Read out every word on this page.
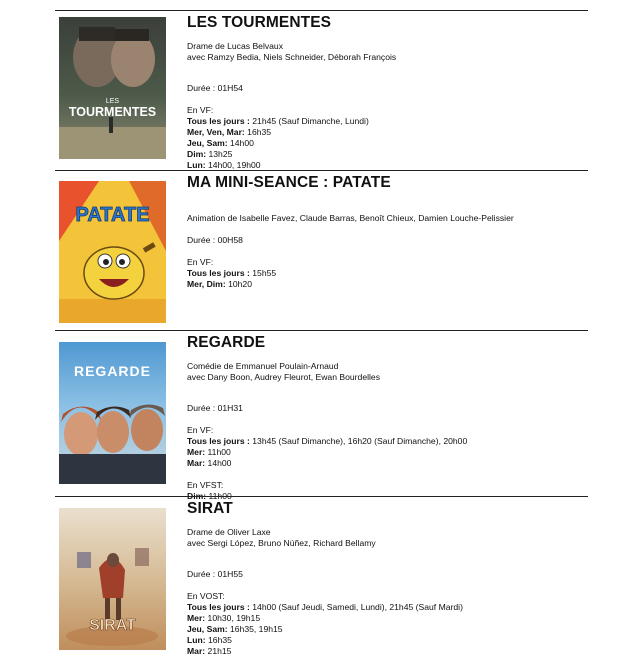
LES
TOURMENTES
LES TOURMENTES
Drame de Lucas Belvaux
avec Ramzy Bedia, Niels Schneider, Déborah François
Durée : 01H54
En VF:
Tous les jours : 21h45 (Sauf Dimanche, Lundi)
Mer, Ven, Mar: 16h35
Jeu, Sam: 14h00
Dim: 13h25
Lun: 14h00, 19h00
PATATE
MA MINI-SEANCE : PATATE
Animation de Isabelle Favez, Claude Barras, Benoît Chieux, Damien Louche-Pelissier
Durée : 00H58
En VF:
Tous les jours : 15h55
Mer, Dim: 10h20
REGARDE
REGARDE
Comédie de Emmanuel Poulain-Arnaud
avec Dany Boon, Audrey Fleurot, Ewan Bourdelles
Durée : 01H31
En VF:
Tous les jours : 13h45 (Sauf Dimanche), 16h20 (Sauf Dimanche), 20h00
Mer: 11h00
Mar: 14h00
En VFST:
Dim: 11h00
SIRAT
SIRAT
Drame de Oliver Laxe
avec Sergi López, Bruno Núñez, Richard Bellamy
Durée : 01H55
En VOST:
Tous les jours : 14h00 (Sauf Jeudi, Samedi, Lundi), 21h45 (Sauf Mardi)
Mer: 10h30, 19h15
Jeu, Sam: 16h35, 19h15
Lun: 16h35
Mar: 21h15
